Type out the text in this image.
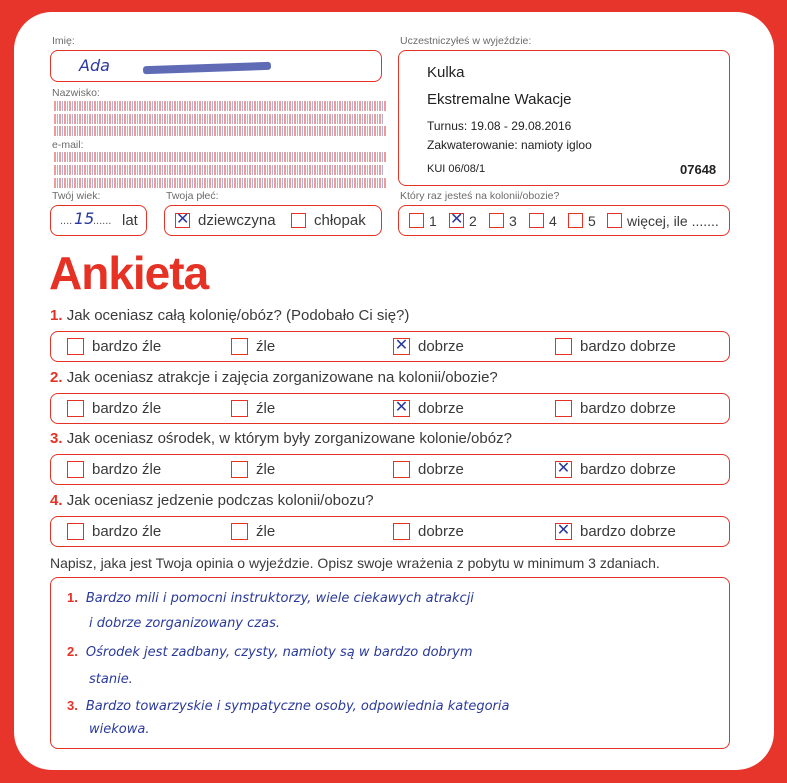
Imię:
Ada
Nazwisko:
e-mail:
Twój wiek:
.... 15
...... lat
Twoja płeć:
✕ dziewczyna	chłopak
Uczestniczyłeś w wyjeździe:
Kulka
Ekstremalne Wakacje
Turnus: 19.08 - 29.08.2016
Zakwaterowanie: namioty igloo
KUI 06/08/1	07648
Który raz jesteś na kolonii/obozie?
1 ✕ 2 3 4 5 więcej, ile .......
Ankieta
1. Jak oceniasz całą kolonię/obóz? (Podobało Ci się?)
bardzo źle	źle	✕ dobrze	bardzo dobrze
2. Jak oceniasz atrakcje i zajęcia zorganizowane na kolonii/obozie?
bardzo źle	źle	✕ dobrze	bardzo dobrze
3. Jak oceniasz ośrodek, w którym były zorganizowane kolonie/obóz?
bardzo źle	źle	dobrze	✕ bardzo dobrze
4. Jak oceniasz jedzenie podczas kolonii/obozu?
bardzo źle	źle	dobrze	✕ bardzo dobrze
Napisz, jaka jest Twoja opinia o wyjeździe. Opisz swoje wrażenia z pobytu w minimum 3 zdaniach.
1. Bardzo mili i pomocni instruktorzy, wiele ciekawych atrakcji
i dobrze zorganizowany czas.
2. Ośrodek jest zadbany, czysty, namioty są w bardzo dobrym
stanie.
3. Bardzo towarzyskie i sympatyczne osoby, odpowiednia kategoria
wiekowa.
